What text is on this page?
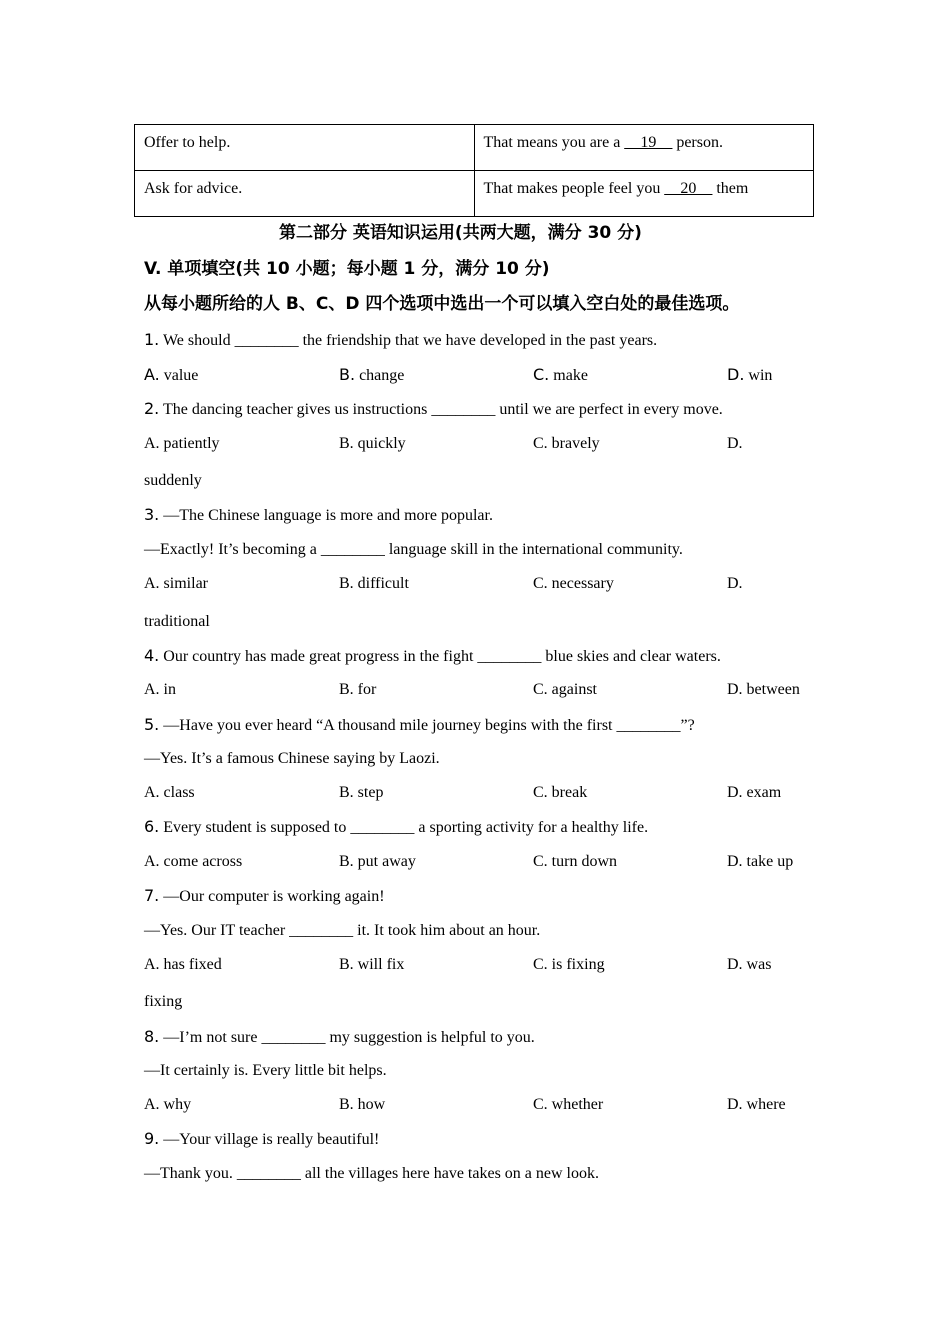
Offer to help.	That means you are a __19__ person.
Ask for advice.	That makes people feel you __20__ them
第二部分 英语知识运用(共两大题，满分 30 分)
V. 单项填空(共 10 小题；每小题 1 分，满分 10 分)
从每小题所给的人 B、C、D 四个选项中选出一个可以填入空白处的最佳选项。
1. We should ________ the friendship that we have developed in the past years.
A. value	B. change	C. make	D. win
2. The dancing teacher gives us instructions ________ until we are perfect in every move.
A. patiently	B. quickly	C. bravely	D.
suddenly
3. —The Chinese language is more and more popular.
—Exactly! It’s becoming a ________ language skill in the international community.
A. similar	B. difficult	C. necessary	D.
traditional
4. Our country has made great progress in the fight ________ blue skies and clear waters.
A. in	B. for	C. against	D. between
5. —Have you ever heard “A thousand mile journey begins with the first ________”?
—Yes. It’s a famous Chinese saying by Laozi.
A. class	B. step	C. break	D. exam
6. Every student is supposed to ________ a sporting activity for a healthy life.
A. come across	B. put away	C. turn down	D. take up
7. —Our computer is working again!
—Yes. Our IT teacher ________ it. It took him about an hour.
A. has fixed	B. will fix	C. is fixing	D. was
fixing
8. —I’m not sure ________ my suggestion is helpful to you.
—It certainly is. Every little bit helps.
A. why	B. how	C. whether	D. where
9. —Your village is really beautiful!
—Thank you. ________ all the villages here have takes on a new look.
